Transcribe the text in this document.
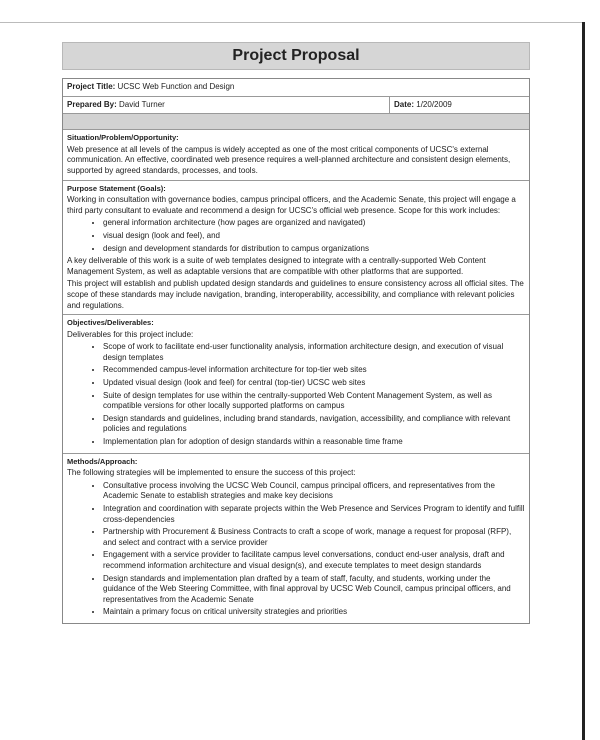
Project Proposal
Project Title: UCSC Web Function and Design
Prepared By: David Turner	Date: 1/20/2009
Situation/Problem/Opportunity:

Web presence at all levels of the campus is widely accepted as one of the most critical components of UCSC's external communication. An effective, coordinated web presence requires a well-planned architecture and consistent design elements, supported by agreed standards, processes, and tools.

Purpose Statement (Goals):

Working in consultation with governance bodies, campus principal officers, and the Academic Senate, this project will engage a third party consultant to evaluate and recommend a design for UCSC's official web presence. Scope for this work includes:

• general information architecture (how pages are organized and navigated)
• visual design (look and feel), and
• design and development standards for distribution to campus organizations

A key deliverable of this work is a suite of web templates designed to integrate with a centrally-supported Web Content Management System, as well as adaptable versions that are compatible with other platforms that are supported.

This project will establish and publish updated design standards and guidelines to ensure consistency across all official sites. The scope of these standards may include navigation, branding, interoperability, accessibility, and compliance with relevant policies and regulations.

Objectives/Deliverables:

Deliverables for this project include:

• Scope of work to facilitate end-user functionality analysis, information architecture design, and execution of visual design templates
• Recommended campus-level information architecture for top-tier web sites
• Updated visual design (look and feel) for central (top-tier) UCSC web sites
• Suite of design templates for use within the centrally-supported Web Content Management System, as well as compatible versions for other locally supported platforms on campus
• Design standards and guidelines, including brand standards, navigation, accessibility, and compliance with relevant policies and regulations
• Implementation plan for adoption of design standards within a reasonable time frame
Methods/Approach:

The following strategies will be implemented to ensure the success of this project:

• Consultative process involving the UCSC Web Council, campus principal officers, and representatives from the Academic Senate to establish strategies and make key decisions
• Integration and coordination with separate projects within the Web Presence and Services Program to identify and fulfill cross-dependencies
• Partnership with Procurement & Business Contracts to craft a scope of work, manage a request for proposal (RFP), and select and contract with a service provider
• Engagement with a service provider to facilitate campus level conversations, conduct end-user analysis, draft and recommend information architecture and visual design(s), and execute templates to meet design standards
• Design standards and implementation plan drafted by a team of staff, faculty, and students, working under the guidance of the Web Steering Committee, with final approval by UCSC Web Council, campus principal officers, and representatives from the Academic Senate
• Maintain a primary focus on critical university strategies and priorities
